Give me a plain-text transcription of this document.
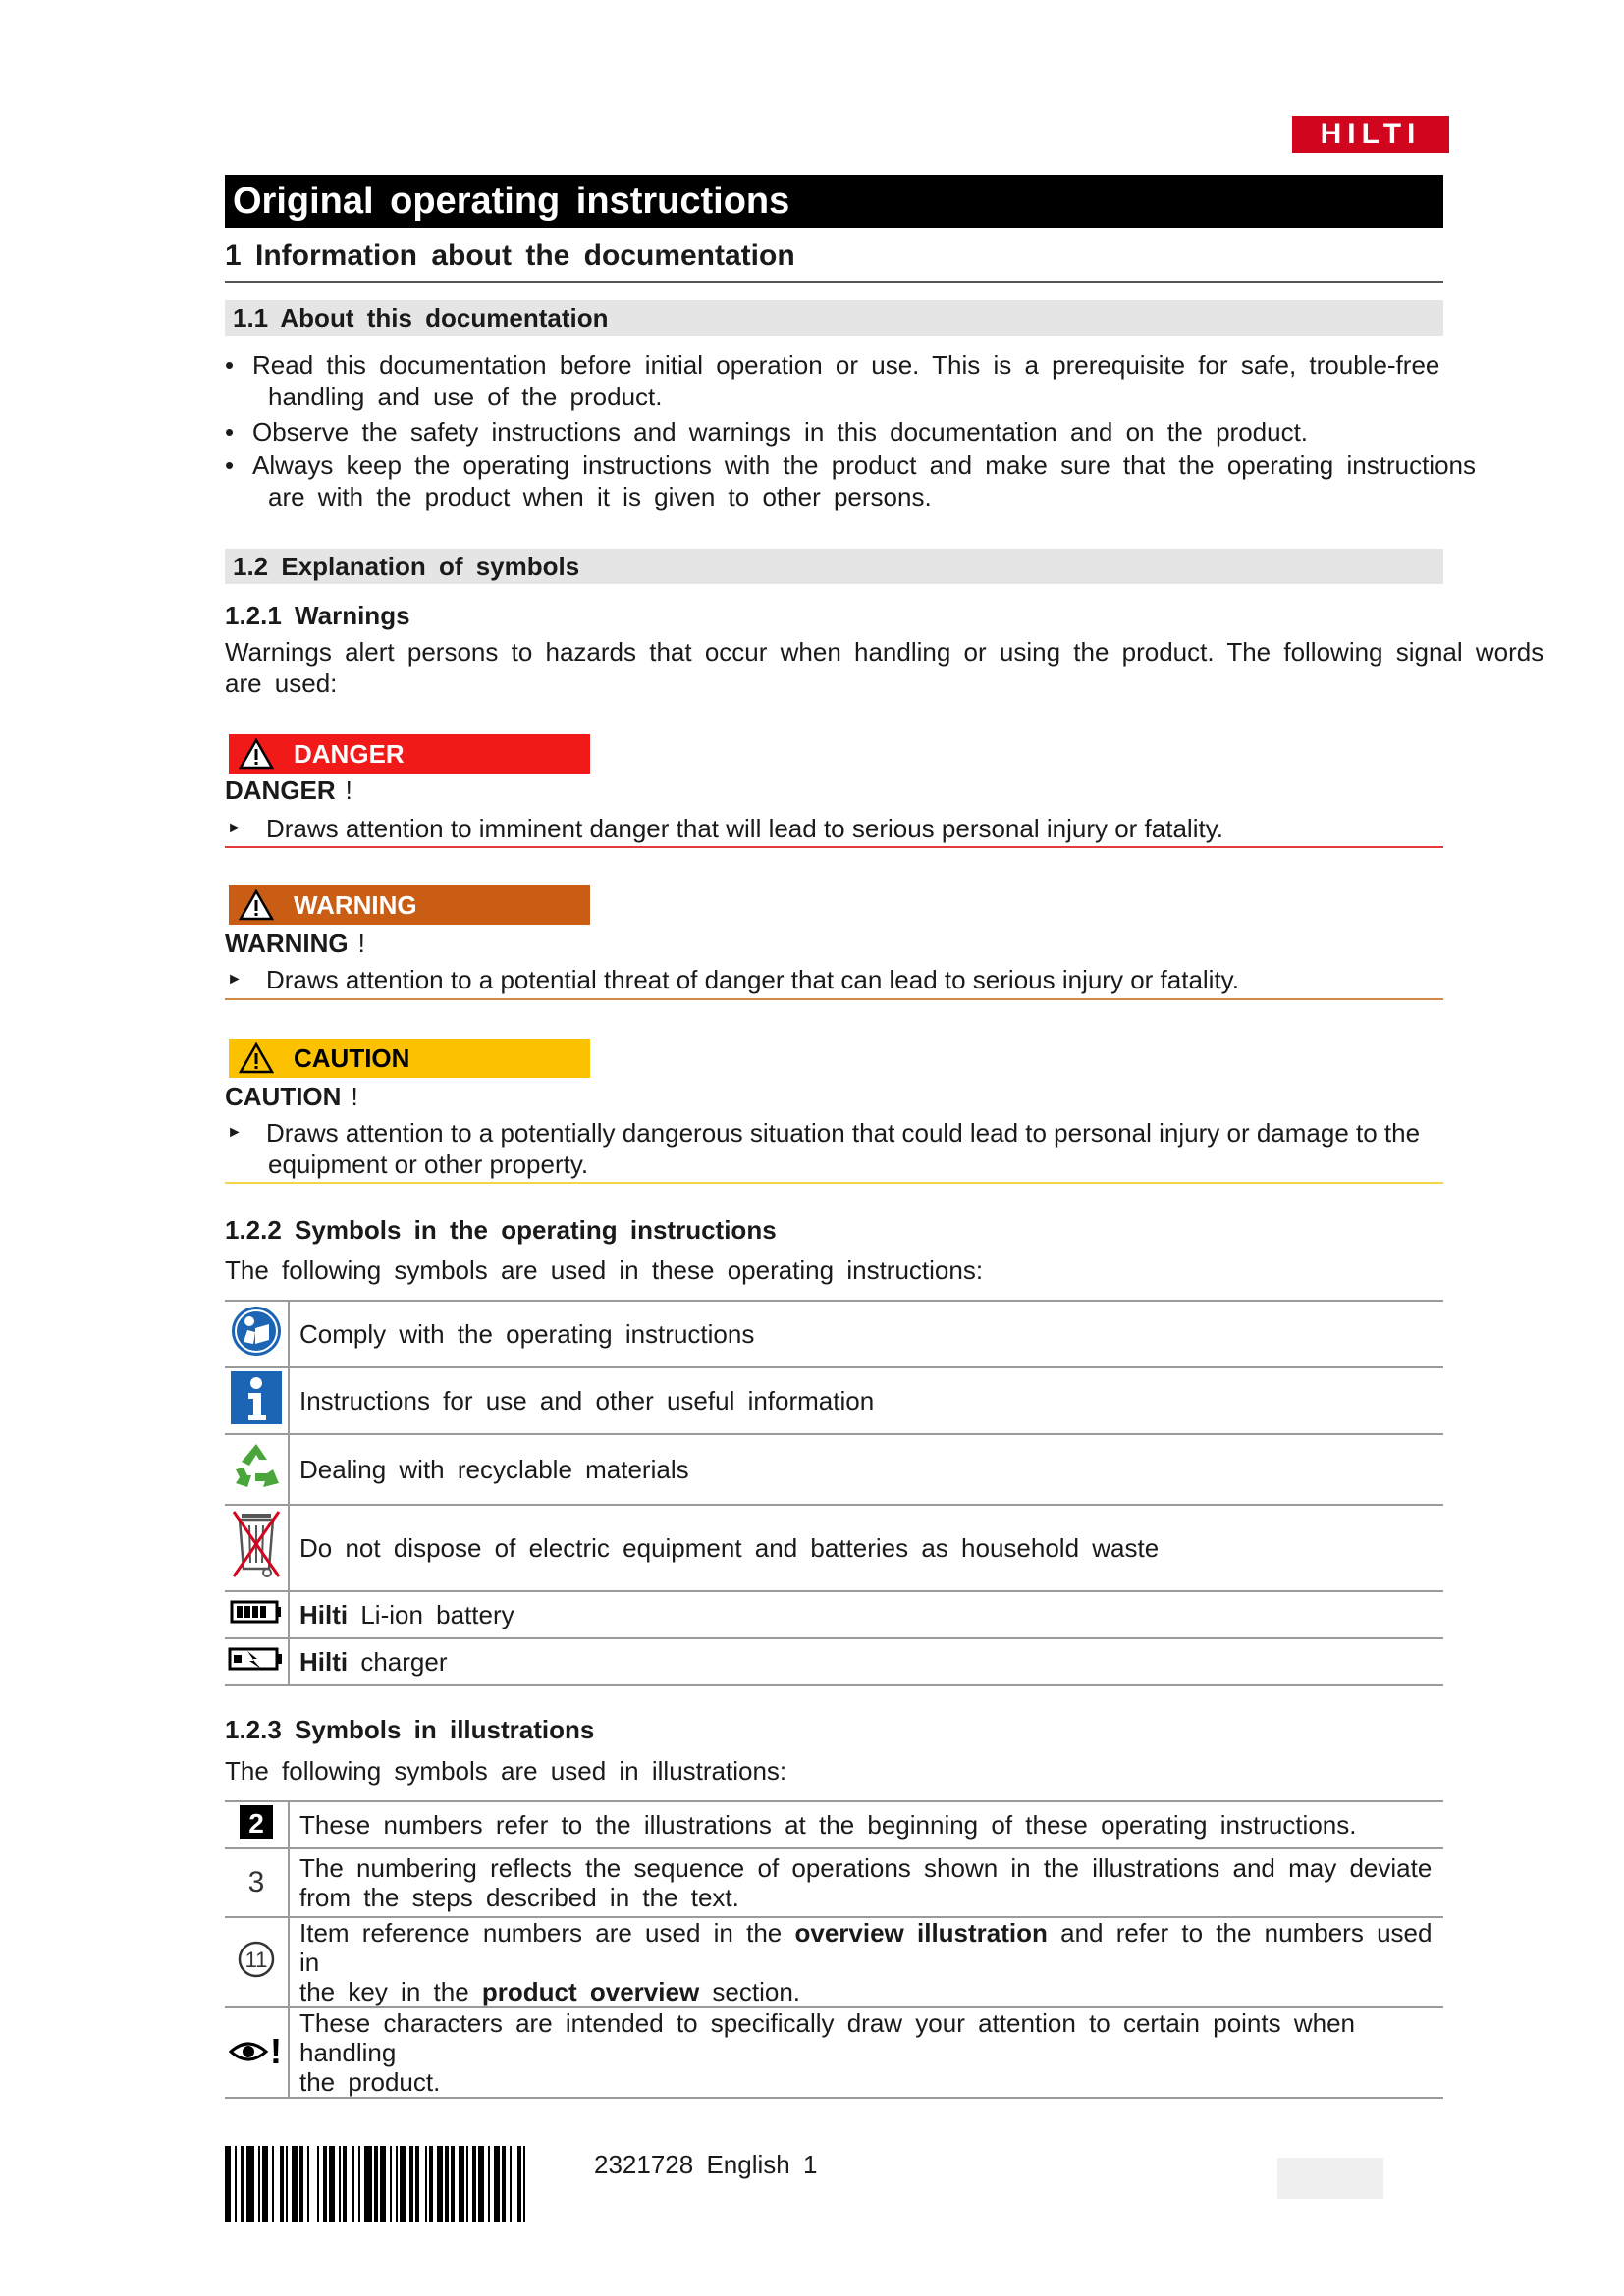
HILTI
Original operating instructions
1 Information about the documentation
1.1 About this documentation
• Read this documentation before initial operation or use. This is a prerequisite for safe, trouble-free
handling and use of the product.
• Observe the safety instructions and warnings in this documentation and on the product.
• Always keep the operating instructions with the product and make sure that the operating instructions
are with the product when it is given to other persons.
1.2 Explanation of symbols
1.2.1 Warnings
Warnings alert persons to hazards that occur when handling or using the product. The following signal words
are used:
DANGER
DANGER !
► Draws attention to imminent danger that will lead to serious personal injury or fatality.
WARNING
WARNING !
► Draws attention to a potential threat of danger that can lead to serious injury or fatality.
CAUTION
CAUTION !
► Draws attention to a potentially dangerous situation that could lead to personal injury or damage to the
equipment or other property.
1.2.2 Symbols in the operating instructions
The following symbols are used in these operating instructions:
	Comply with the operating instructions
	Instructions for use and other useful information
	Dealing with recyclable materials
	Do not dispose of electric equipment and batteries as household waste
	Hilti Li-ion battery
	Hilti charger
1.2.3 Symbols in illustrations
The following symbols are used in illustrations:
2	These numbers refer to the illustrations at the beginning of these operating instructions.
3	The numbering reflects the sequence of operations shown in the illustrations and may deviate
from the steps described in the text.

11	Item reference numbers are used in the overview illustration and refer to the numbers used in
the key in the product overview section.

!	These characters are intended to specifically draw your attention to certain points when handling
the product.
2321728 English 1
